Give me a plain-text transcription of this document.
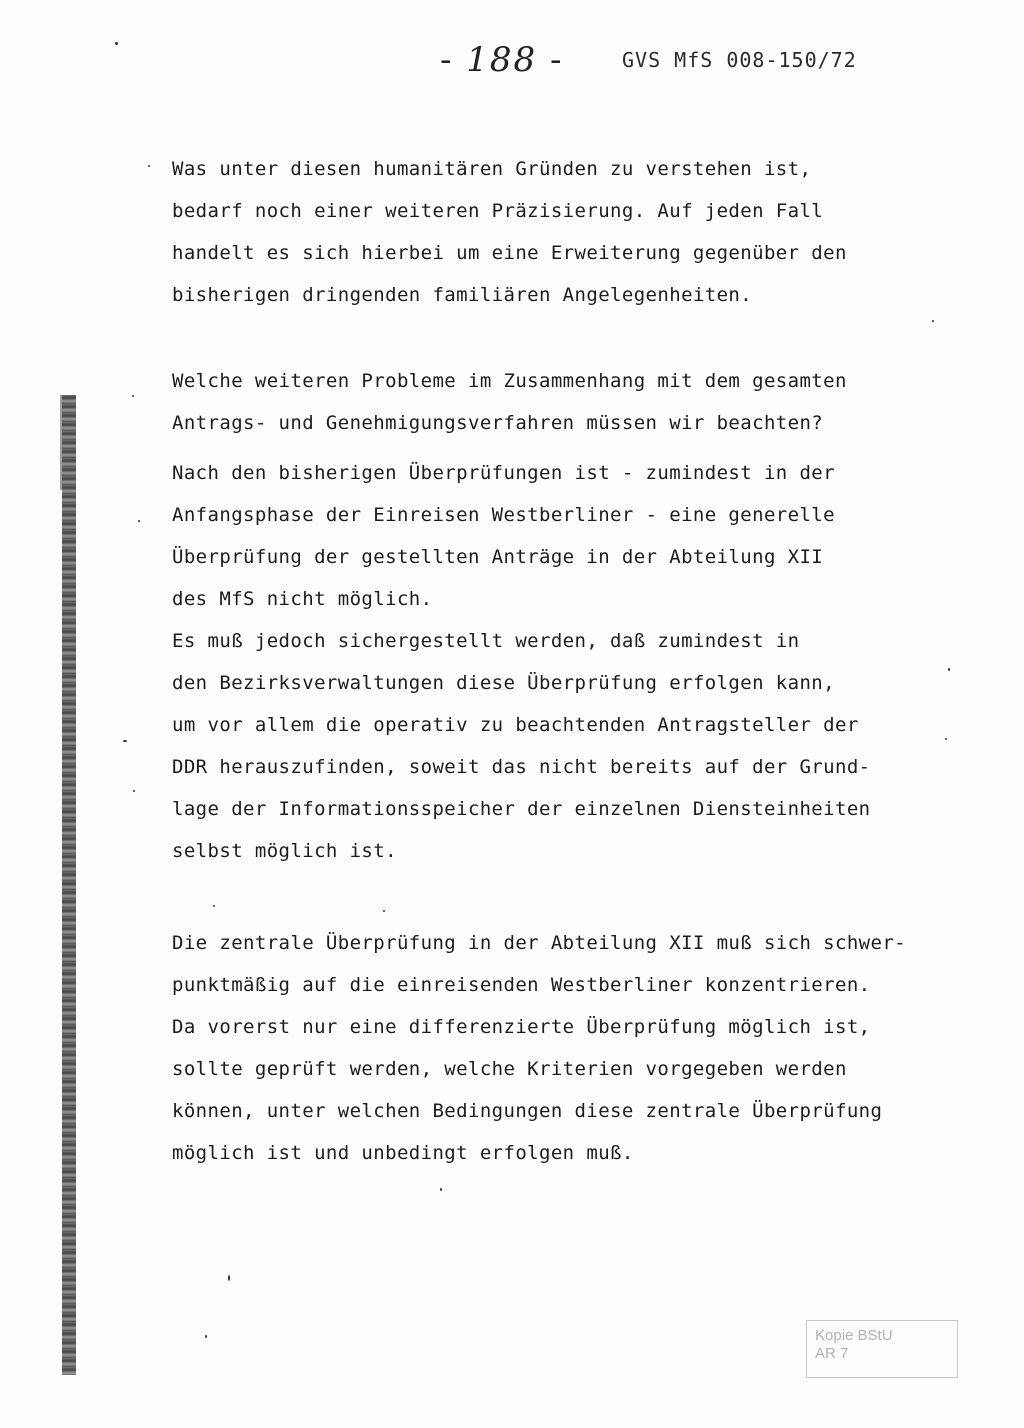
- 188 -	GVS MfS 008-150/72

Was unter diesen humanitären Gründen zu verstehen ist,

bedarf noch einer weiteren Präzisierung. Auf jeden Fall

handelt es sich hierbei um eine Erweiterung gegenüber den

bisherigen dringenden familiären Angelegenheiten.

Welche weiteren Probleme im Zusammenhang mit dem gesamten

Antrags- und Genehmigungsverfahren müssen wir beachten?

Nach den bisherigen Überprüfungen ist - zumindest in der

Anfangsphase der Einreisen Westberliner - eine generelle

Überprüfung der gestellten Anträge in der Abteilung XII

des MfS nicht möglich.

Es muß jedoch sichergestellt werden, daß zumindest in

den Bezirksverwaltungen diese Überprüfung erfolgen kann,

um vor allem die operativ zu beachtenden Antragsteller der

DDR herauszufinden, soweit das nicht bereits auf der Grund-

lage der Informationsspeicher der einzelnen Diensteinheiten

selbst möglich ist.

Die zentrale Überprüfung in der Abteilung XII muß sich schwer-

punktmäßig auf die einreisenden Westberliner konzentrieren.

Da vorerst nur eine differenzierte Überprüfung möglich ist,

sollte geprüft werden, welche Kriterien vorgegeben werden

können, unter welchen Bedingungen diese zentrale Überprüfung

möglich ist und unbedingt erfolgen muß.

Kopie BStU
AR 7
